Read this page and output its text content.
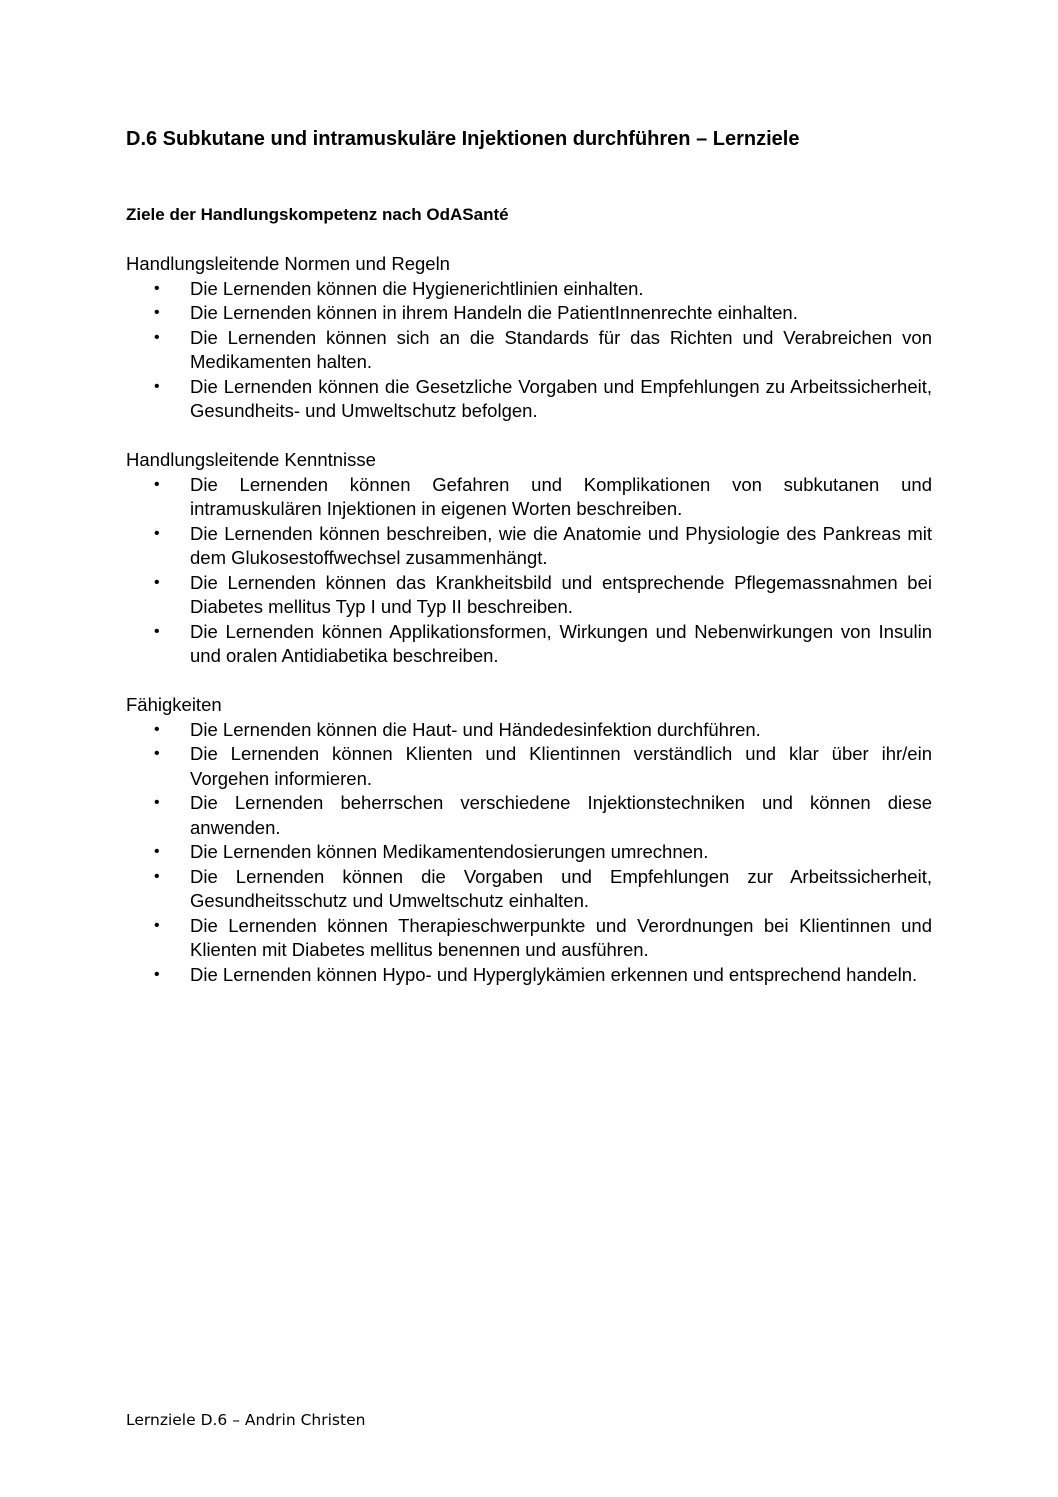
D.6 Subkutane und intramuskuläre Injektionen durchführen – Lernziele
Ziele der Handlungskompetenz nach OdASanté

Handlungsleitende Normen und Regeln

• Die Lernenden können die Hygienerichtlinien einhalten.
• Die Lernenden können in ihrem Handeln die PatientInnenrechte einhalten.
• Die Lernenden können sich an die Standards für das Richten und Verabreichen von Medikamenten halten.
• Die Lernenden können die Gesetzliche Vorgaben und Empfehlungen zu Arbeitssicherheit, Gesundheits- und Umweltschutz befolgen.

Handlungsleitende Kenntnisse

• Die Lernenden können Gefahren und Komplikationen von subkutanen und intramuskulären Injektionen in eigenen Worten beschreiben.
• Die Lernenden können beschreiben, wie die Anatomie und Physiologie des Pankreas mit dem Glukosestoffwechsel zusammenhängt.
• Die Lernenden können das Krankheitsbild und entsprechende Pflegemassnahmen bei Diabetes mellitus Typ I und Typ II beschreiben.
• Die Lernenden können Applikationsformen, Wirkungen und Nebenwirkungen von Insulin und oralen Antidiabetika beschreiben.

Fähigkeiten

• Die Lernenden können die Haut- und Händedesinfektion durchführen.
• Die Lernenden können Klienten und Klientinnen verständlich und klar über ihr/ein Vorgehen informieren.
• Die Lernenden beherrschen verschiedene Injektionstechniken und können diese anwenden.
• Die Lernenden können Medikamentendosierungen umrechnen.
• Die Lernenden können die Vorgaben und Empfehlungen zur Arbeitssicherheit, Gesundheitsschutz und Umweltschutz einhalten.
• Die Lernenden können Therapieschwerpunkte und Verordnungen bei Klientinnen und Klienten mit Diabetes mellitus benennen und ausführen.
• Die Lernenden können Hypo- und Hyperglykämien erkennen und entsprechend handeln.
Lernziele D.6 – Andrin Christen
